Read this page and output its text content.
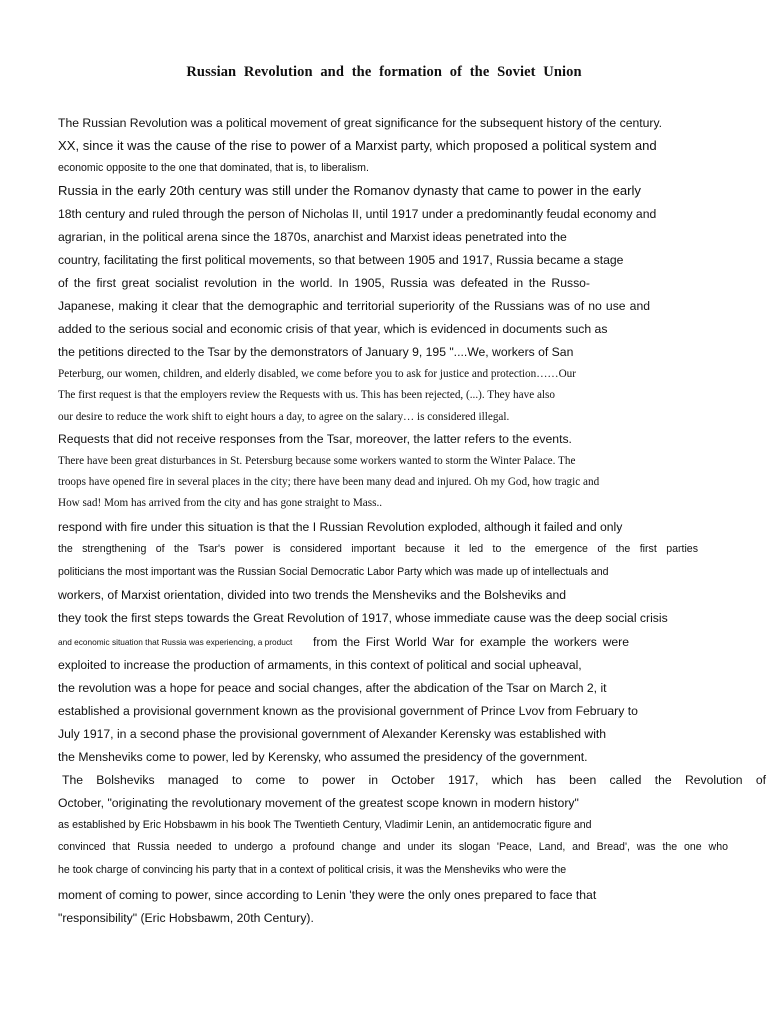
Russian Revolution and the formation of the Soviet Union
The Russian Revolution was a political movement of great significance for the subsequent history of the century.
XX, since it was the cause of the rise to power of a Marxist party, which proposed a political system and
economic opposite to the one that dominated, that is, to liberalism.
Russia in the early 20th century was still under the Romanov dynasty that came to power in the early
18th century and ruled through the person of Nicholas II, until 1917 under a predominantly feudal economy and
agrarian, in the political arena since the 1870s, anarchist and Marxist ideas penetrated into the
country, facilitating the first political movements, so that between 1905 and 1917, Russia became a stage
of the first great socialist revolution in the world. In 1905, Russia was defeated in the Russo-
Japanese, making it clear that the demographic and territorial superiority of the Russians was of no use and
added to the serious social and economic crisis of that year, which is evidenced in documents such as
the petitions directed to the Tsar by the demonstrators of January 9, 195 "....We, workers of San
Peterburg, our women, children, and elderly disabled, we come before you to ask for justice and protection……Our
The first request is that the employers review the Requests with us. This has been rejected, (...). They have also
our desire to reduce the work shift to eight hours a day, to agree on the salary… is considered illegal.
Requests that did not receive responses from the Tsar, moreover, the latter refers to the events.
There have been great disturbances in St. Petersburg because some workers wanted to storm the Winter Palace. The
troops have opened fire in several places in the city; there have been many dead and injured. Oh my God, how tragic and
How sad! Mom has arrived from the city and has gone straight to Mass..
respond with fire under this situation is that the I Russian Revolution exploded, although it failed and only
the strengthening of the Tsar's power is considered important because it led to the emergence of the first parties
politicians the most important was the Russian Social Democratic Labor Party which was made up of intellectuals and
workers, of Marxist orientation, divided into two trends the Mensheviks and the Bolsheviks and
they took the first steps towards the Great Revolution of 1917, whose immediate cause was the deep social crisis
and economic situation that Russia was experiencing, a product from the First World War for example the workers were
exploited to increase the production of armaments, in this context of political and social upheaval,
the revolution was a hope for peace and social changes, after the abdication of the Tsar on March 2, it
established a provisional government known as the provisional government of Prince Lvov from February to
July 1917, in a second phase the provisional government of Alexander Kerensky was established with
the Mensheviks come to power, led by Kerensky, who assumed the presidency of the government.
The Bolsheviks managed to come to power in October 1917, which has been called the Revolution of
October, "originating the revolutionary movement of the greatest scope known in modern history"
as established by Eric Hobsbawm in his book The Twentieth Century, Vladimir Lenin, an antidemocratic figure and
convinced that Russia needed to undergo a profound change and under its slogan 'Peace, Land, and Bread', was the one who
he took charge of convincing his party that in a context of political crisis, it was the Mensheviks who were the
moment of coming to power, since according to Lenin 'they were the only ones prepared to face that
"responsibility" (Eric Hobsbawm, 20th Century).
